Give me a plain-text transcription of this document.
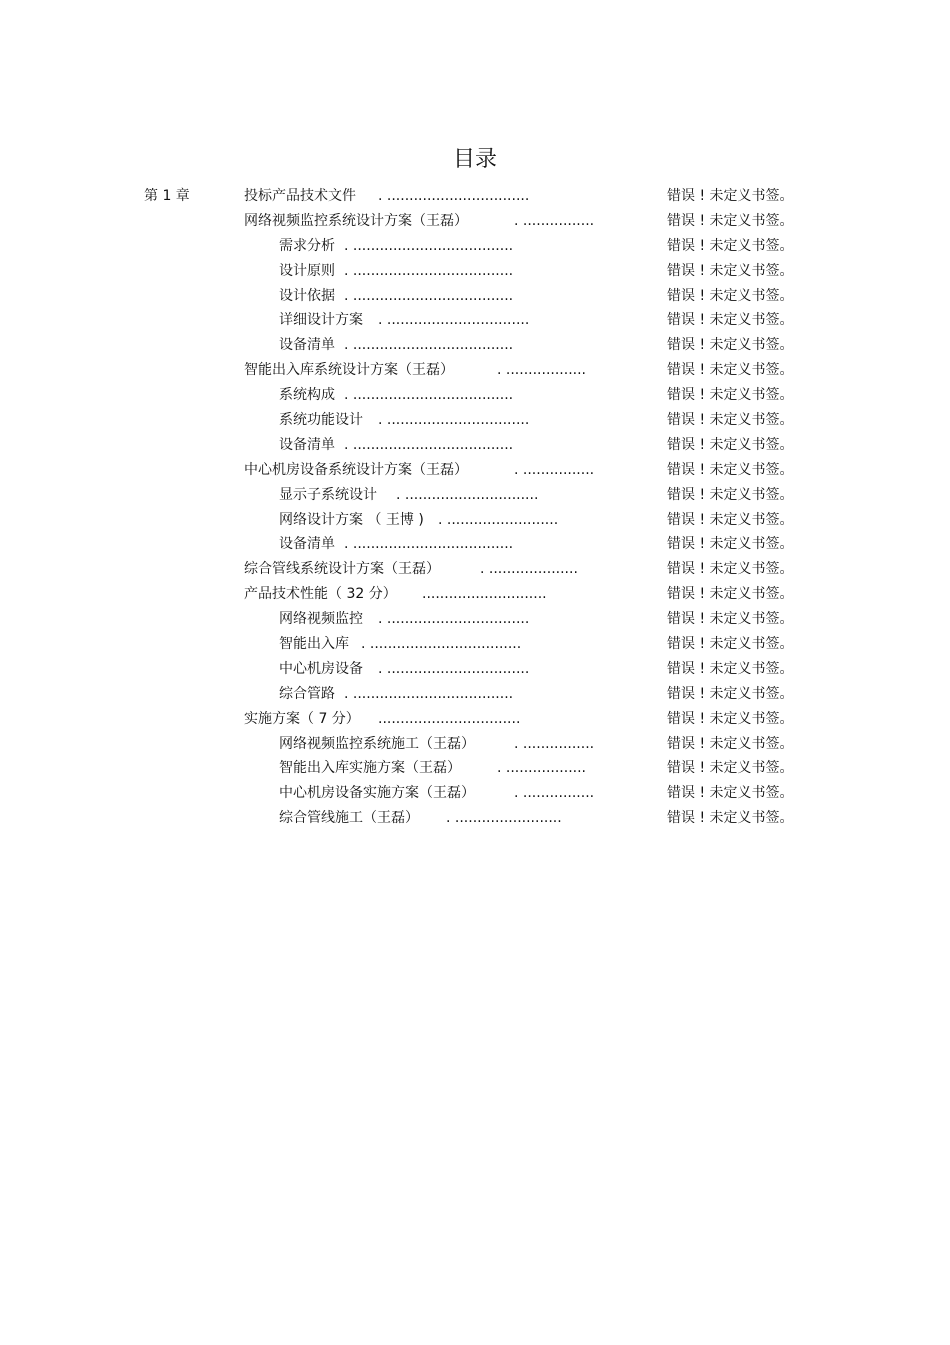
目录
第 1 章	投标产品技术文件 . ................................	错误 ! 未定义书签。
网络视频监控系统设计方案（王磊）	. ................	错误 ! 未定义书签。
需求分析 . ....................................	错误 ! 未定义书签。
设计原则 . ....................................	错误 ! 未定义书签。
设计依据 . ....................................	错误 ! 未定义书签。
详细设计方案 . ................................	错误 ! 未定义书签。
设备清单 . ....................................	错误 ! 未定义书签。
智能出入库系统设计方案（王磊）	. ..................	错误 ! 未定义书签。
系统构成 . ....................................	错误 ! 未定义书签。
系统功能设计 . ................................	错误 ! 未定义书签。
设备清单 . ....................................	错误 ! 未定义书签。
中心机房设备系统设计方案（王磊）	. ................	错误 ! 未定义书签。
显示子系统设计 . ..............................	错误 ! 未定义书签。
网络设计方案 （ 王博 ) . .........................	错误 ! 未定义书签。
设备清单 . ....................................	错误 ! 未定义书签。
综合管线系统设计方案（王磊）	. ....................	错误 ! 未定义书签。
产品技术性能（ 32 分） ............................	错误 ! 未定义书签。
网络视频监控 . ................................	错误 ! 未定义书签。
智能出入库 . ..................................	错误 ! 未定义书签。
中心机房设备 . ................................	错误 ! 未定义书签。
综合管路 . ....................................	错误 ! 未定义书签。
实施方案（ 7 分） ................................	错误 ! 未定义书签。
网络视频监控系统施工（王磊）	. ................	错误 ! 未定义书签。
智能出入库实施方案（王磊）	. ..................	错误 ! 未定义书签。
中心机房设备实施方案（王磊）	. ................	错误 ! 未定义书签。
综合管线施工（王磊） . ........................	错误 ! 未定义书签。
